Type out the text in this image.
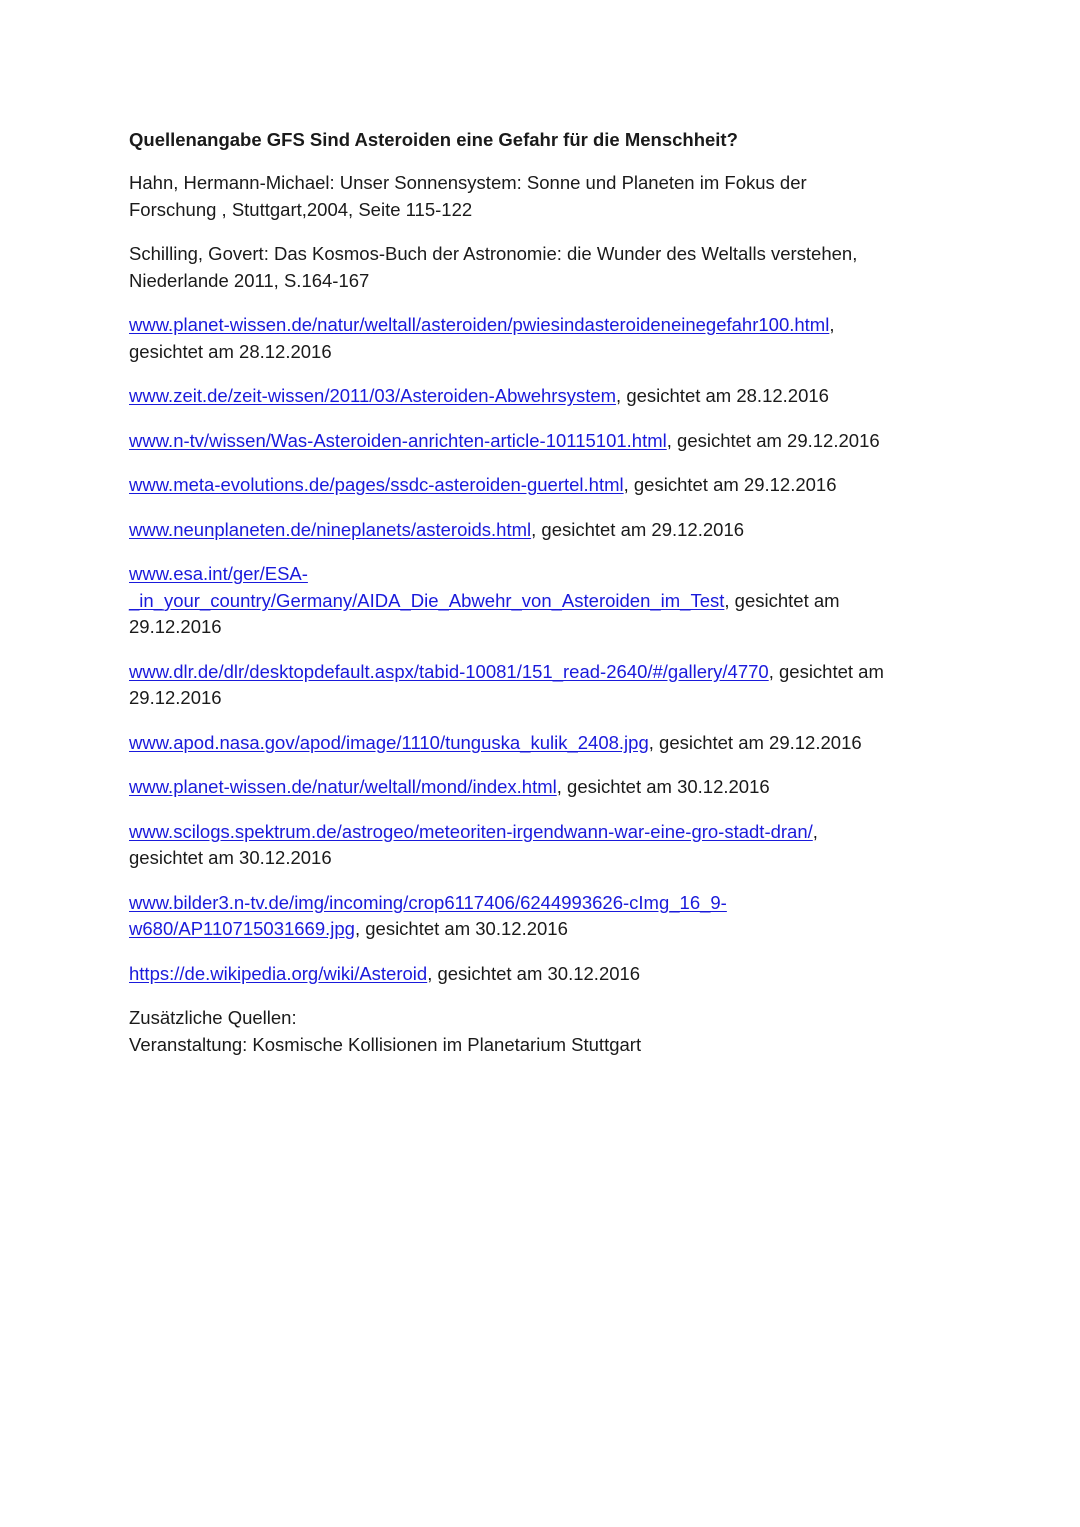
Quellenangabe GFS Sind Asteroiden eine Gefahr für die Menschheit?
Hahn, Hermann-Michael: Unser Sonnensystem: Sonne und Planeten im Fokus der
Forschung , Stuttgart,2004, Seite 115-122
Schilling, Govert: Das Kosmos-Buch der Astronomie: die Wunder des Weltalls verstehen,
Niederlande 2011, S.164-167
www.planet-wissen.de/natur/weltall/asteroiden/pwiesindasteroideneinegefahr100.html,
gesichtet am 28.12.2016
www.zeit.de/zeit-wissen/2011/03/Asteroiden-Abwehrsystem, gesichtet am 28.12.2016
www.n-tv/wissen/Was-Asteroiden-anrichten-article-10115101.html, gesichtet am 29.12.2016
www.meta-evolutions.de/pages/ssdc-asteroiden-guertel.html, gesichtet am 29.12.2016
www.neunplaneten.de/nineplanets/asteroids.html, gesichtet am 29.12.2016
www.esa.int/ger/ESA-
_in_your_country/Germany/AIDA_Die_Abwehr_von_Asteroiden_im_Test, gesichtet am
29.12.2016
www.dlr.de/dlr/desktopdefault.aspx/tabid-10081/151_read-2640/#/gallery/4770, gesichtet am
29.12.2016
www.apod.nasa.gov/apod/image/1110/tunguska_kulik_2408.jpg, gesichtet am 29.12.2016
www.planet-wissen.de/natur/weltall/mond/index.html, gesichtet am 30.12.2016
www.scilogs.spektrum.de/astrogeo/meteoriten-irgendwann-war-eine-gro-stadt-dran/,
gesichtet am 30.12.2016
www.bilder3.n-tv.de/img/incoming/crop6117406/6244993626-cImg_16_9-
w680/AP110715031669.jpg, gesichtet am 30.12.2016
https://de.wikipedia.org/wiki/Asteroid, gesichtet am 30.12.2016
Zusätzliche Quellen:
Veranstaltung: Kosmische Kollisionen im Planetarium Stuttgart
